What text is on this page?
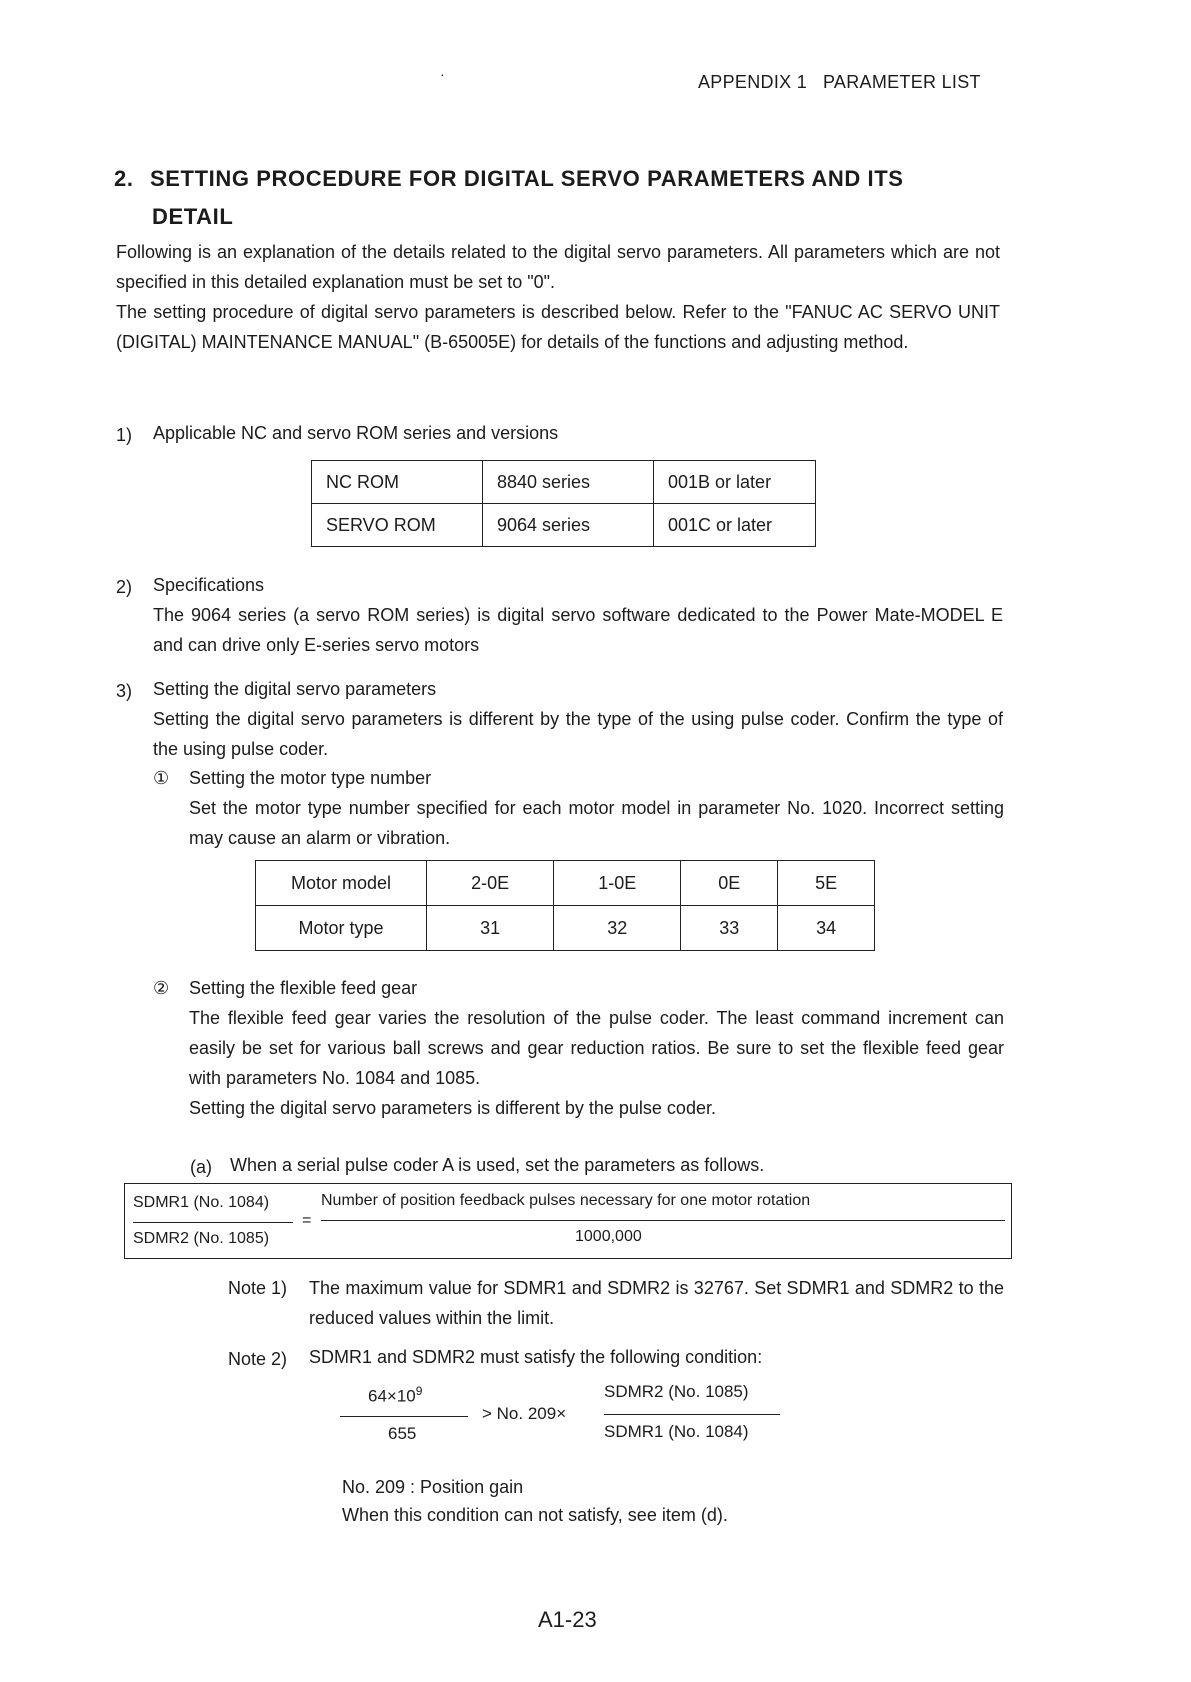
·	APPENDIX 1   PARAMETER LIST
2. SETTING PROCEDURE FOR DIGITAL SERVO PARAMETERS AND ITS
DETAIL
Following is an explanation of the details related to the digital servo parameters. All parameters which are not specified in this detailed explanation must be set to "0".
The setting procedure of digital servo parameters is described below. Refer to the "FANUC AC SERVO UNIT (DIGITAL) MAINTENANCE MANUAL" (B-65005E) for details of the functions and adjusting method.
1) Applicable NC and servo ROM series and versions
NC ROM	8840 series	001B or later
SERVO ROM	9064 series	001C or later
2) Specifications
The 9064 series (a servo ROM series) is digital servo software dedicated to the Power Mate-MODEL E and can drive only E-series servo motors
3) Setting the digital servo parameters
Setting the digital servo parameters is different by the type of the using pulse coder. Confirm the type of the using pulse coder.
① Setting the motor type number
Set the motor type number specified for each motor model in parameter No. 1020. Incorrect setting may cause an alarm or vibration.
Motor model	2-0E	1-0E	0E	5E
Motor type	31	32	33	34
② Setting the flexible feed gear
The flexible feed gear varies the resolution of the pulse coder. The least command increment can easily be set for various ball screws and gear reduction ratios. Be sure to set the flexible feed gear with parameters No. 1084 and 1085.
Setting the digital servo parameters is different by the pulse coder.
(a) When a serial pulse coder A is used, set the parameters as follows.
SDMR1 (No. 1084)
SDMR2 (No. 1085)
=
Number of position feedback pulses necessary for one motor rotation
1000,000
Note 1) The maximum value for SDMR1 and SDMR2 is 32767. Set SDMR1 and SDMR2 to the reduced values within the limit.
Note 2) SDMR1 and SDMR2 must satisfy the following condition:
$64\times 10^9$
655
> No. 209×
SDMR2 (No. 1085)
SDMR1 (No. 1084)
No. 209 : Position gain
When this condition can not satisfy, see item (d).
A1-23
